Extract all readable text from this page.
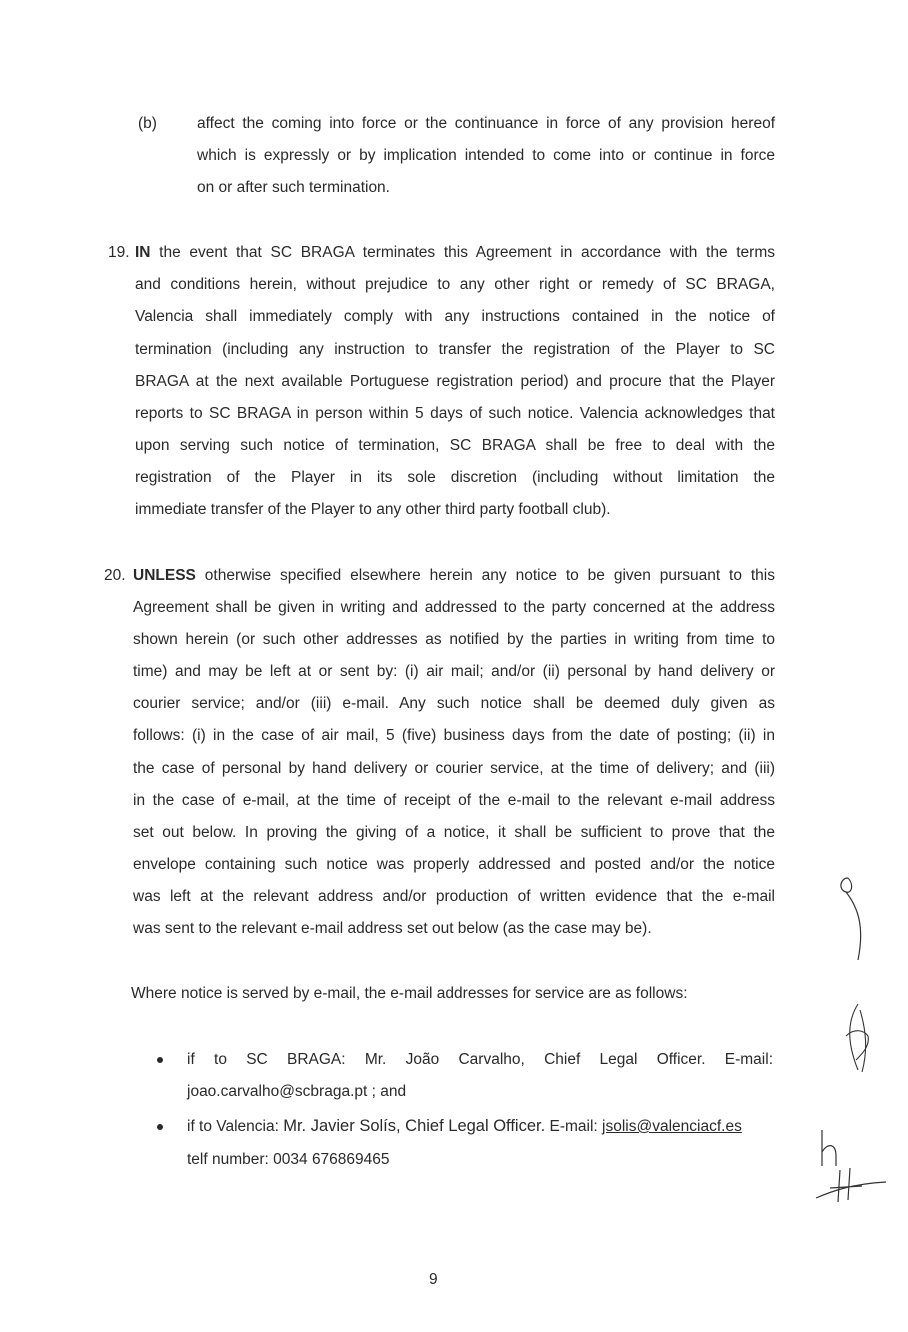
(b)	affect the coming into force or the continuance in force of any provision hereof
which is expressly or by implication intended to come into or continue in force
on or after such termination.
19. IN the event that SC BRAGA terminates this Agreement in accordance with the terms
and conditions herein, without prejudice to any other right or remedy of SC BRAGA,
Valencia shall immediately comply with any instructions contained in the notice of
termination (including any instruction to transfer the registration of the Player to SC
BRAGA at the next available Portuguese registration period) and procure that the Player
reports to SC BRAGA in person within 5 days of such notice. Valencia acknowledges that
upon serving such notice of termination, SC BRAGA shall be free to deal with the
registration of the Player in its sole discretion (including without limitation the
immediate transfer of the Player to any other third party football club).
20. UNLESS otherwise specified elsewhere herein any notice to be given pursuant to this
Agreement shall be given in writing and addressed to the party concerned at the address
shown herein (or such other addresses as notified by the parties in writing from time to
time) and may be left at or sent by: (i) air mail; and/or (ii) personal by hand delivery or
courier service; and/or (iii) e-mail. Any such notice shall be deemed duly given as
follows: (i) in the case of air mail, 5 (five) business days from the date of posting; (ii) in
the case of personal by hand delivery or courier service, at the time of delivery; and (iii)
in the case of e-mail, at the time of receipt of the e-mail to the relevant e-mail address
set out below. In proving the giving of a notice, it shall be sufficient to prove that the
envelope containing such notice was properly addressed and posted and/or the notice
was left at the relevant address and/or production of written evidence that the e-mail
was sent to the relevant e-mail address set out below (as the case may be).
Where notice is served by e-mail, the e-mail addresses for service are as follows:
if to SC BRAGA: Mr. João Carvalho, Chief Legal Officer. E-mail:
joao.carvalho@scbraga.pt ; and
if to Valencia: Mr. Javier Solís, Chief Legal Officer. E-mail: jsolis@valenciacf.es
telf number: 0034 676869465
9
